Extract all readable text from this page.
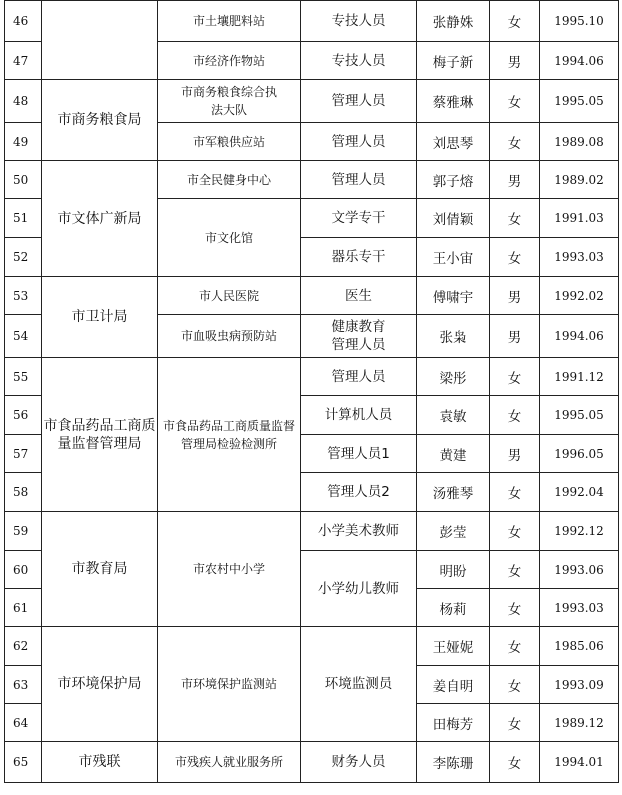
46		市土壤肥料站	专技人员	张静姝	女	1995.10
47		市经济作物站	专技人员	梅子新	男	1994.06
48	市商务粮食局	市商务粮食综合执法大队	管理人员	蔡雅琳	女	1995.05
49		市军粮供应站	管理人员	刘思琴	女	1989.08
50	市文体广新局	市全民健身中心	管理人员	郭子熔	男	1989.02
51		市文化馆	文学专干	刘倩颖	女	1991.03
52			器乐专干	王小宙	女	1993.03
53	市卫计局	市人民医院	医生	傅啸宇	男	1992.02
54		市血吸虫病预防站	健康教育管理人员	张枭	男	1994.06
55	市食品药品工商质量监督管理局	市食品药品工商质量监督管理局检验检测所	管理人员	梁彤	女	1991.12
56			计算机人员	袁敏	女	1995.05
57			管理人员1	黄建	男	1996.05
58			管理人员2	汤雅琴	女	1992.04
59	市教育局	市农村中小学	小学美术教师	彭莹	女	1992.12
60			小学幼儿教师	明盼	女	1993.06
61				杨莉	女	1993.03
62	市环境保护局	市环境保护监测站	环境监测员	王娅妮	女	1985.06
63				姜自明	女	1993.09
64				田梅芳	女	1989.12
65	市残联	市残疾人就业服务所	财务人员	李陈珊	女	1994.01
